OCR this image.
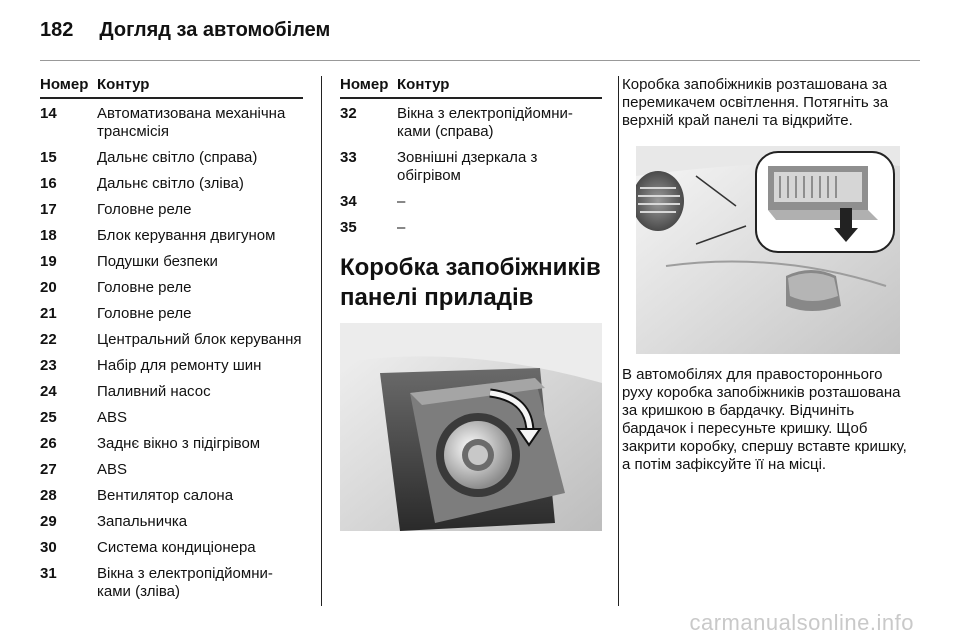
182 Догляд за автомобілем
Номер Контур
14	Автоматизована механічна трансмісія
15	Дальнє світло (справа)
16	Дальнє світло (зліва)
17	Головне реле
18	Блок керування двигуном
19	Подушки безпеки
20	Головне реле
21	Головне реле
22	Центральний блок керування
23	Набір для ремонту шин
24	Паливний насос
25	ABS
26	Заднє вікно з підігрівом
27	ABS
28	Вентилятор салона
29	Запальничка
30	Система кондиціонера
31	Вікна з електропідйомни-ками (зліва)
Номер Контур
32	Вікна з електропідйомни-ками (справа)
33	Зовнішні дзеркала з обігрівом
34	–
35	–
Коробка запобіжників панелі приладів

Коробка запобіжників розташована за перемикачем освітлення. Потягніть за верхній край панелі та відкрийте.

В автомобілях для правостороннього руху коробка запобіжників розташована за кришкою в бардачку. Відчиніть бардачок і пересуньте кришку. Щоб закрити коробку, спершу вставте кришку, а потім зафіксуйте її на місці.

carmanualsonline.info
